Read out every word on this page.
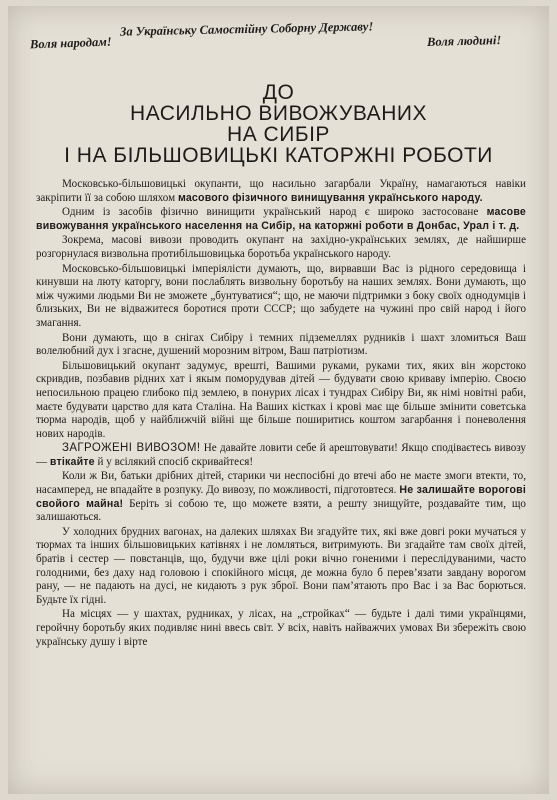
Воля народам!
За Українську Самостійну Соборну Державу!
Воля людині!
ДО
НАСИЛЬНО ВИВОЖУВАНИХ
НА СИБІР
І НА БІЛЬШОВИЦЬКІ КАТОРЖНІ РОБОТИ

Московсько-більшовицькі окупанти, що насильно загарбали Україну, намагаються навіки закріпити її за собою шляхом масового фізичного винищування українського народу.

Одним із засобів фізично винищити український народ є широко застосоване масове вивожування українського населення на Сибір, на каторжні роботи в Донбас, Урал і т. д.

Зокрема, масові вивози проводить окупант на західно-українських землях, де найширше розгорнулася визвольна протибільшовицька боротьба українського народу.

Московсько-більшовицькі імперіялісти думають, що, вирвавши Вас із рідного середовища і кинувши на люту каторгу, вони послаблять визвольну боротьбу на наших землях. Вони думають, що між чужими людьми Ви не зможете „бунтуватися“; що, не маючи підтримки з боку своїх однодумців і близьких, Ви не відважитеся боротися проти СССР; що забудете на чужині про свій народ і його змагання.

Вони думають, що в снігах Сибіру і темних підземеллях рудників і шахт зломиться Ваш волелюбний дух і згасне, душений морозним вітром, Ваш патріотизм.

Більшовицький окупант задумує, врешті, Вашими руками, руками тих, яких він жорстоко скривдив, позбавив рідних хат і якым поморудував дітей — будувати свою криваву імперію. Своєю непосильною працею глибоко під землею, в понурих лісах і тундрах Сибіру Ви, як німі новітні раби, маєте будувати царство для ката Сталіна. На Ваших кістках і крові має ще більше змінити советська тюрма народів, щоб у найближчій війні ще більше поширитись коштом загарбання і поневолення нових народів.

ЗАГРОЖЕНІ ВИВОЗОМ! Не давайте ловити себе й арештовувати! Якщо сподіваєтесь вивозу — втікайте й у всілякий спосіб скривайтеся!

Коли ж Ви, батьки дрібних дітей, старики чи неспосібні до втечі або не маєте змоги втекти, то, насамперед, не впадайте в розпуку. До вивозу, по можливості, підготовтеся. Не залишайте ворогові свойого майна! Беріть зі собою те, що можете взяти, а решту знищуйте, роздавайте тим, що залишаються.

У холодних брудних вагонах, на далеких шляхах Ви згадуйте тих, які вже довгі роки мучаться у тюрмах та інших більшовицьких катівнях і не ломляться, витримують. Ви згадайте там своїх дітей, братів і сестер — повстанців, що, будучи вже цілі роки вічно гоненими і переслідуваними, часто голодними, без даху над головою і спокійного місця, де можна було б перев’язати завдану ворогом рану, — не падають на дусі, не кидають з рук зброї. Вони пам’ятають про Вас і за Вас борються. Будьте їх гідні.

На місцях — у шахтах, рудниках, у лісах, на „стройках“ — будьте і далі тими українцями, геройчну боротьбу яких подивляє нині ввесь світ. У всіх, навіть найважчих умовах Ви збережіть свою українську душу і вірте
